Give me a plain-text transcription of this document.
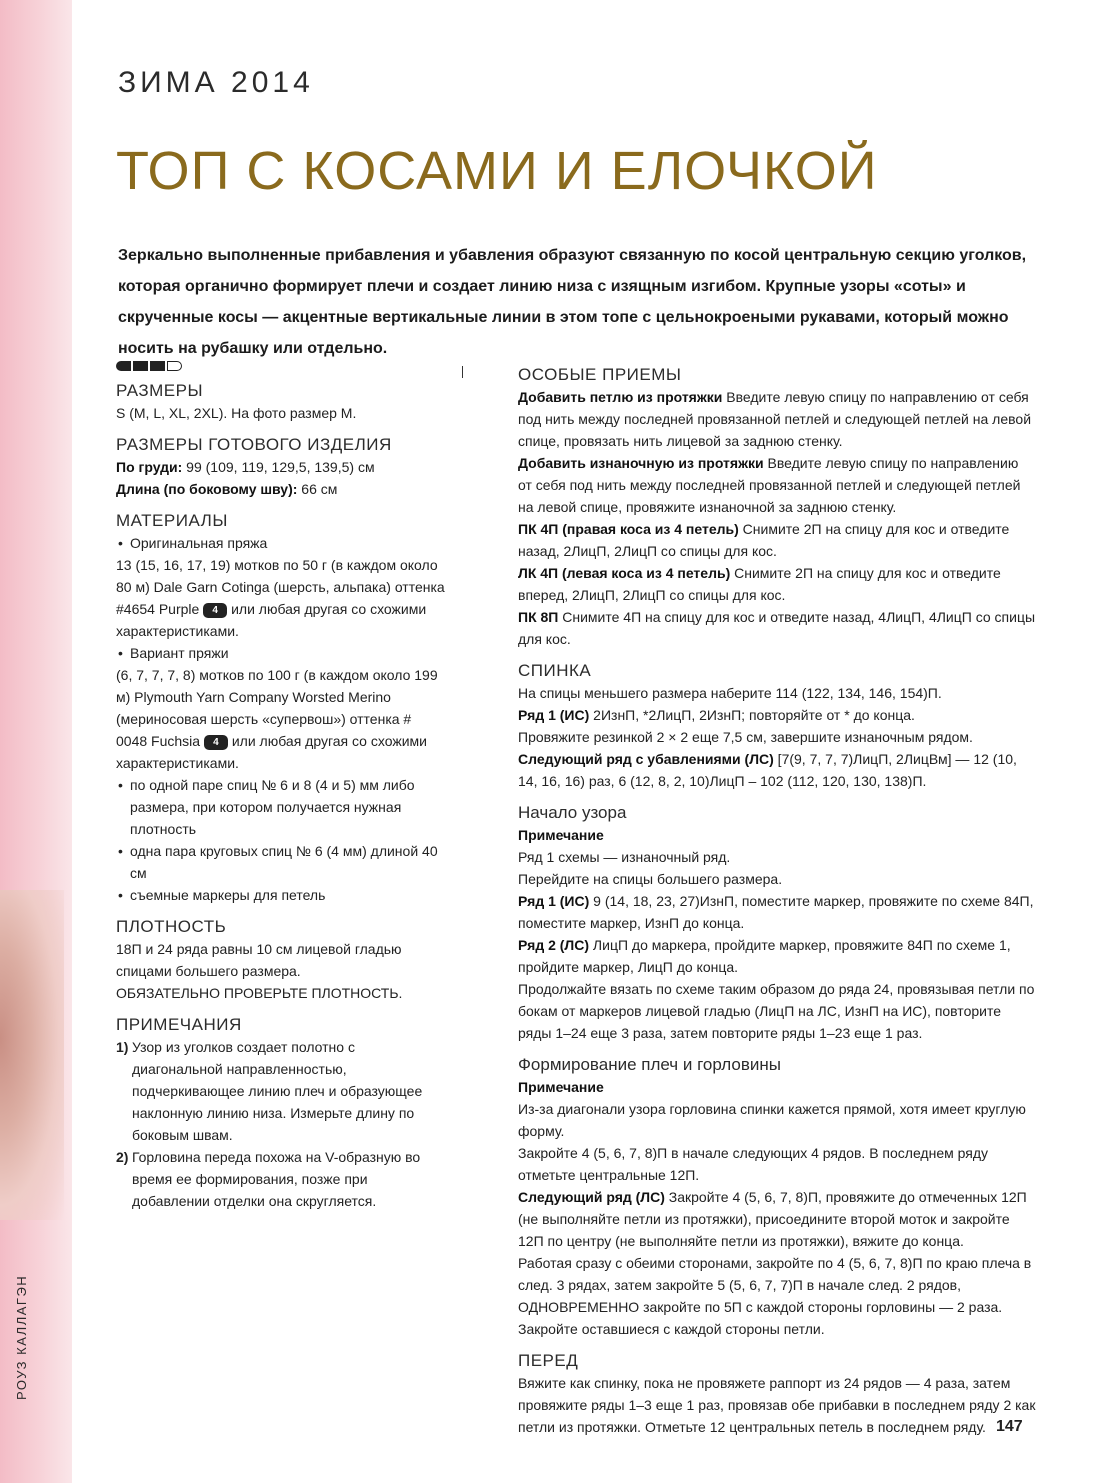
РОУЗ КАЛЛАГЭН
ЗИМА 2014
ТОП С КОСАМИ И ЕЛОЧКОЙ

Зеркально выполненные прибавления и убавления образуют связанную по косой центральную секцию уголков, которая органично формирует плечи и создает линию низа с изящным изгибом. Крупные узоры «соты» и скрученные косы — акцентные вертикальные линии в этом топе с цельнокроеными рукавами, который можно носить на рубашку или отдельно.

РАЗМЕРЫ

S (M, L, XL, 2XL). На фото размер M.

РАЗМЕРЫ ГОТОВОГО ИЗДЕЛИЯ

По груди: 99 (109, 119, 129,5, 139,5) см

Длина (по боковому шву): 66 см

МАТЕРИАЛЫ
• Оригинальная пряжа

13 (15, 16, 17, 19) мотков по 50 г (в каждом около 80 м) Dale Garn Cotinga (шерсть, альпака) оттенка #4654 Purple 4 или любая другая со схожими характеристиками.

• Вариант пряжи

(6, 7, 7, 7, 8) мотков по 100 г (в каждом около 199 м) Plymouth Yarn Company Worsted Merino (мериносовая шерсть «супервош») оттенка # 0048 Fuchsia 4 или любая другая со схожими характеристиками.

• по одной паре спиц № 6 и 8 (4 и 5) мм либо размера, при котором получается нужная плотность
• одна пара круговых спиц № 6 (4 мм) длиной 40 см
• съемные маркеры для петель
ПЛОТНОСТЬ

18П и 24 ряда равны 10 см лицевой гладью спицами большего размера.

ОБЯЗАТЕЛЬНО ПРОВЕРЬТЕ ПЛОТНОСТЬ.

ПРИМЕЧАНИЯ
1) Узор из уголков создает полотно с диагональной направленностью, подчеркивающее линию плеч и образующее наклонную линию низа. Измерьте длину по боковым швам.
2) Горловина переда похожа на V-образную во время ее формирования, позже при добавлении отделки она скругляется.
ОСОБЫЕ ПРИЕМЫ

Добавить петлю из протяжки Введите левую спицу по направлению от себя под нить между последней провязанной петлей и следующей петлей на левой спице, провязать нить лицевой за заднюю стенку.

Добавить изнаночную из протяжки Введите левую спицу по направлению от себя под нить между последней провязанной петлей и следующей петлей на левой спице, провяжите изнаночной за заднюю стенку.

ПК 4П (правая коса из 4 петель) Снимите 2П на спицу для кос и отведите назад, 2ЛицП, 2ЛицП со спицы для кос.

ЛК 4П (левая коса из 4 петель) Снимите 2П на спицу для кос и отведите вперед, 2ЛицП, 2ЛицП со спицы для кос.

ПК 8П Снимите 4П на спицу для кос и отведите назад, 4ЛицП, 4ЛицП со спицы для кос.

СПИНКА

На спицы меньшего размера наберите 114 (122, 134, 146, 154)П.

Ряд 1 (ИС) 2ИзнП, *2ЛицП, 2ИзнП; повторяйте от * до конца.

Провяжите резинкой 2 × 2 еще 7,5 см, завершите изнаночным рядом.

Следующий ряд с убавлениями (ЛС) [7(9, 7, 7, 7)ЛицП, 2ЛицВм] — 12 (10, 14, 16, 16) раз, 6 (12, 8, 2, 10)ЛицП – 102 (112, 120, 130, 138)П.

Начало узора

Примечание

Ряд 1 схемы — изнаночный ряд.

Перейдите на спицы большего размера.

Ряд 1 (ИС) 9 (14, 18, 23, 27)ИзнП, поместите маркер, провяжите по схеме 84П, поместите маркер, ИзнП до конца.

Ряд 2 (ЛС) ЛицП до маркера, пройдите маркер, провяжите 84П по схеме 1, пройдите маркер, ЛицП до конца.

Продолжайте вязать по схеме таким образом до ряда 24, провязывая петли по бокам от маркеров лицевой гладью (ЛицП на ЛС, ИзнП на ИС), повторите ряды 1–24 еще 3 раза, затем повторите ряды 1–23 еще 1 раз.

Формирование плеч и горловины

Примечание

Из-за диагонали узора горловина спинки кажется прямой, хотя имеет круглую форму.

Закройте 4 (5, 6, 7, 8)П в начале следующих 4 рядов. В последнем ряду отметьте центральные 12П.

Следующий ряд (ЛС) Закройте 4 (5, 6, 7, 8)П, провяжите до отмеченных 12П (не выполняйте петли из протяжки), присоедините второй моток и закройте 12П по центру (не выполняйте петли из протяжки), вяжите до конца.

Работая сразу с обеими сторонами, закройте по 4 (5, 6, 7, 8)П по краю плеча в след. 3 рядах, затем закройте 5 (5, 6, 7, 7)П в начале след. 2 рядов, ОДНОВРЕМЕННО закройте по 5П с каждой стороны горловины — 2 раза. Закройте оставшиеся с каждой стороны петли.

ПЕРЕД

Вяжите как спинку, пока не провяжете раппорт из 24 рядов — 4 раза, затем провяжите ряды 1–3 еще 1 раз, провязав обе прибавки в последнем ряду 2 как петли из протяжки. Отметьте 12 центральных петель в последнем ряду. 147
